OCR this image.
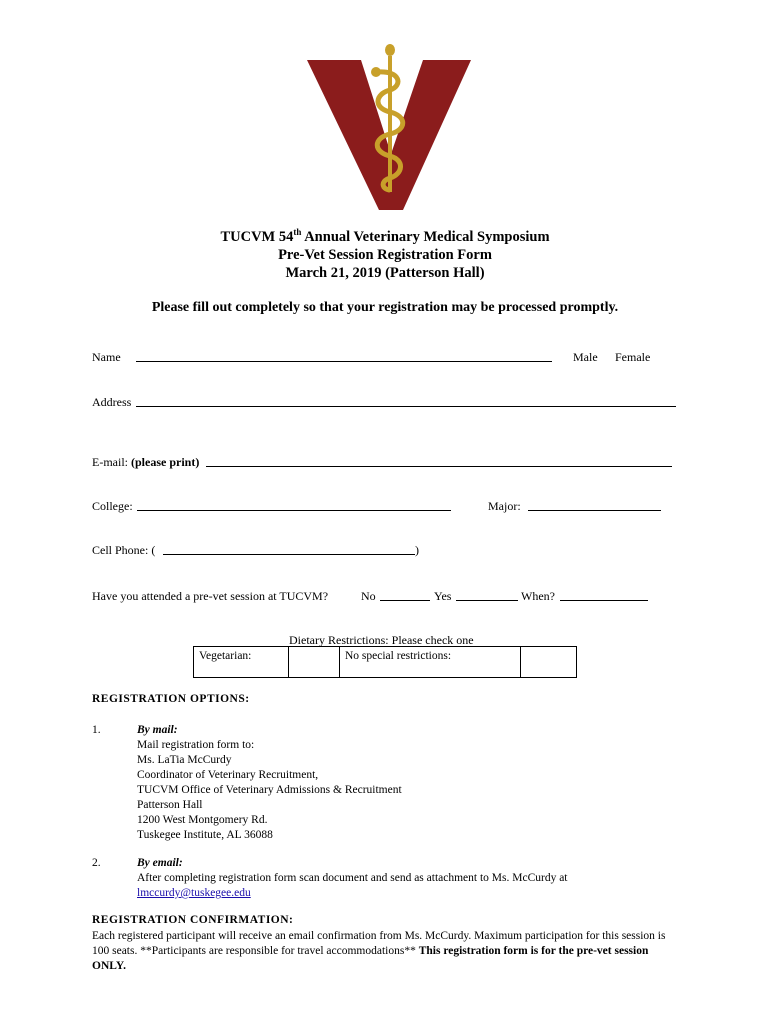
TUCVM 54th Annual Veterinary Medical Symposium
Pre-Vet Session Registration Form
March 21, 2019 (Patterson Hall)
Please fill out completely so that your registration may be processed promptly.
Name	Male Female
Address
E-mail: (please print)
College:	Major:
Cell Phone: (	)
Have you attended a pre-vet session at TUCVM?	No	Yes	When?
Dietary Restrictions: Please check one
Vegetarian:		No special restrictions:	
REGISTRATION OPTIONS:
1.	By mail:
Mail registration form to:
Ms. LaTia McCurdy
Coordinator of Veterinary Recruitment,
TUCVM Office of Veterinary Admissions & Recruitment
Patterson Hall
1200 West Montgomery Rd.
Tuskegee Institute, AL 36088
2.	By email:
After completing registration form scan document and send as attachment to Ms. McCurdy at
lmccurdy@tuskegee.edu
REGISTRATION CONFIRMATION:
Each registered participant will receive an email confirmation from Ms. McCurdy. Maximum participation for this session is 100 seats. **Participants are responsible for travel accommodations** This registration form is for the pre-vet session ONLY.
